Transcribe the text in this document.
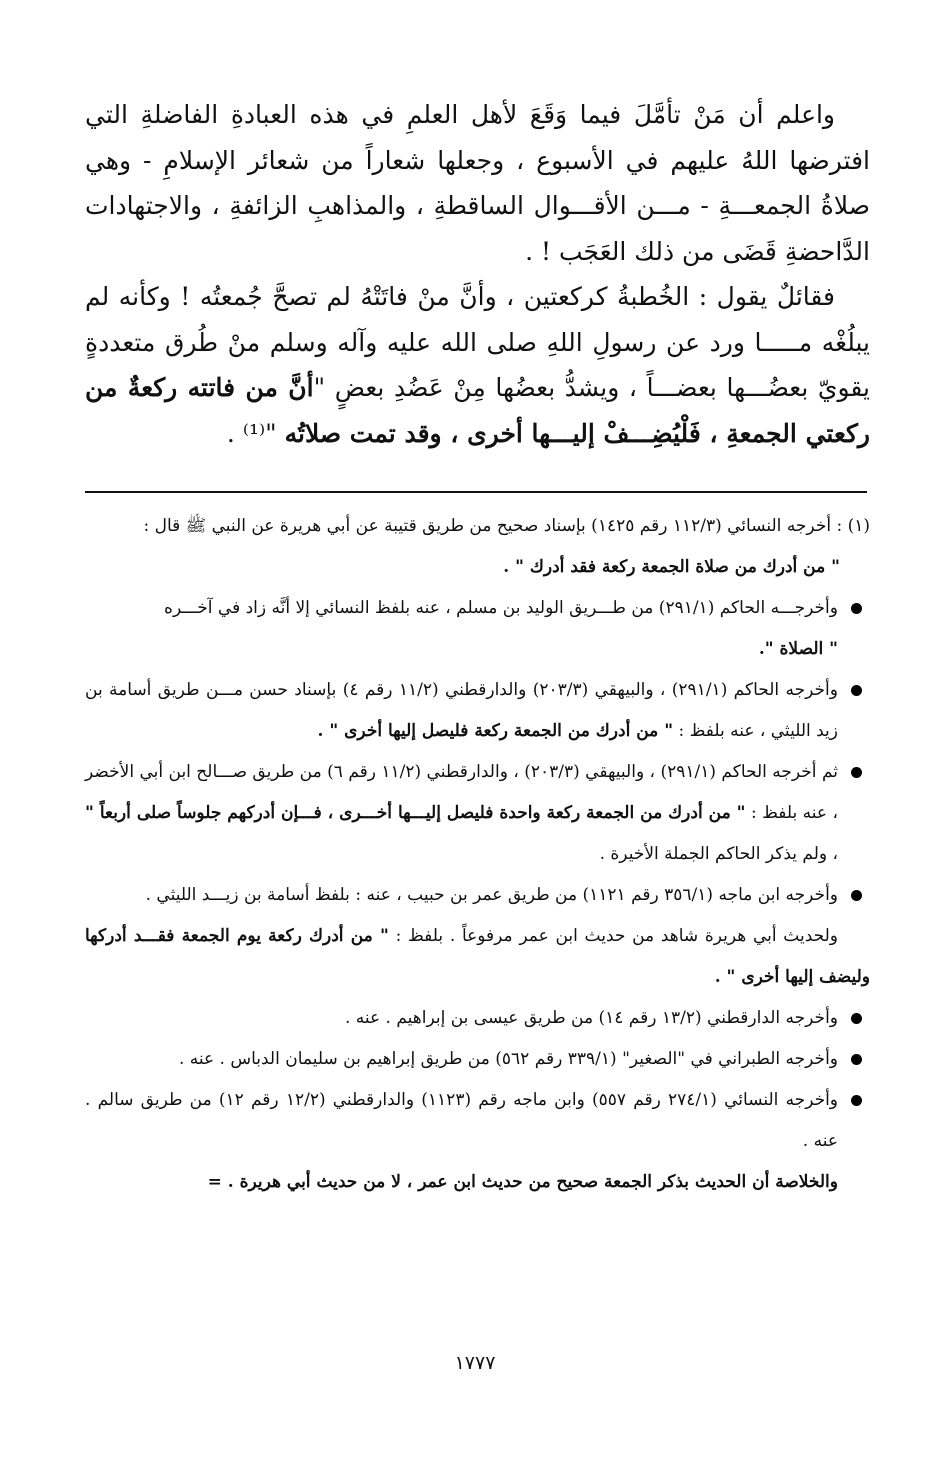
واعلم أن مَنْ تأمَّلَ فيما وَقَعَ لأهل العلمِ في هذه العبادةِ الفاضلةِ التي افترضها اللهُ عليهم في الأسبوع ، وجعلها شعاراً من شعائر الإسلامِ - وهي صلاةُ الجمعـــةِ - مـــن الأقـــوال الساقطةِ ، والمذاهبِ الزائفةِ ، والاجتهادات الدَّاحضةِ قَضَى من ذلك العَجَب ! .

فقائلٌ يقول : الخُطبةُ كركعتين ، وأنَّ منْ فاتَتْهُ لم تصحَّ جُمعتُه ! وكأنه لم يبلُغْه مـــــا ورد عن رسولِ اللهِ صلى الله عليه وآله وسلم منْ طُرق متعددةٍ يقويّ بعضُـــها بعضـــاً ، ويشدُّ بعضُها مِنْ عَضُدِ بعضٍ "أنَّ من فاتته ركعةٌ من ركعتي الجمعةِ ، فَلْيُضِـــفْ إليـــها أخرى ، وقد تمت صلاتُه "⁽¹⁾ .

(١) : أخرجه النسائي (١١٢/٣ رقم ١٤٢٥) بإسناد صحيح من طريق قتيبة عن أبي هريرة عن النبي ﷺ قال :

" من أدرك من صلاة الجمعة ركعة فقد أدرك " .

وأخرجـــه الحاكم (٢٩١/١) من طـــريق الوليد بن مسلم ، عنه بلفظ النسائي إلا أنَّه زاد في آخـــره
" الصلاة ".
وأخرجه الحاكم (٢٩١/١) ، والبيهقي (٢٠٣/٣) والدارقطني (١١/٢ رقم ٤) بإسناد حسن مـــن طريق أسامة بن زيد الليثي ، عنه بلفظ : " من أدرك من الجمعة ركعة فليصل إليها أخرى " .
ثم أخرجه الحاكم (٢٩١/١) ، والبيهقي (٢٠٣/٣) ، والدارقطني (١١/٢ رقم ٦) من طريق صـــالح ابن أبي الأخضر ، عنه بلفظ : " من أدرك من الجمعة ركعة واحدة فليصل إليـــها أخـــرى ، فـــإن أدركهم جلوساً صلى أربعاً " ، ولم يذكر الحاكم الجملة الأخيرة .
وأخرجه ابن ماجه (٣٥٦/١ رقم ١١٢١) من طريق عمر بن حبيب ، عنه : بلفظ أسامة بن زيـــد الليثي .

ولحديث أبي هريرة شاهد من حديث ابن عمر مرفوعاً . بلفظ : " من أدرك ركعة يوم الجمعة فقـــد أدركها وليضف إليها أخرى " .

وأخرجه الدارقطني (١٣/٢ رقم ١٤) من طريق عيسى بن إبراهيم . عنه .
وأخرجه الطبراني في "الصغير" (٣٣٩/١ رقم ٥٦٢) من طريق إبراهيم بن سليمان الدباس . عنه .
وأخرجه النسائي (٢٧٤/١ رقم ٥٥٧) وابن ماجه رقم (١١٢٣) والدارقطني (١٢/٢ رقم ١٢) من طريق سالم . عنه .

والخلاصة أن الحديث بذكر الجمعة صحيح من حديث ابن عمر ، لا من حديث أبي هريرة . =

١٧٧٧
